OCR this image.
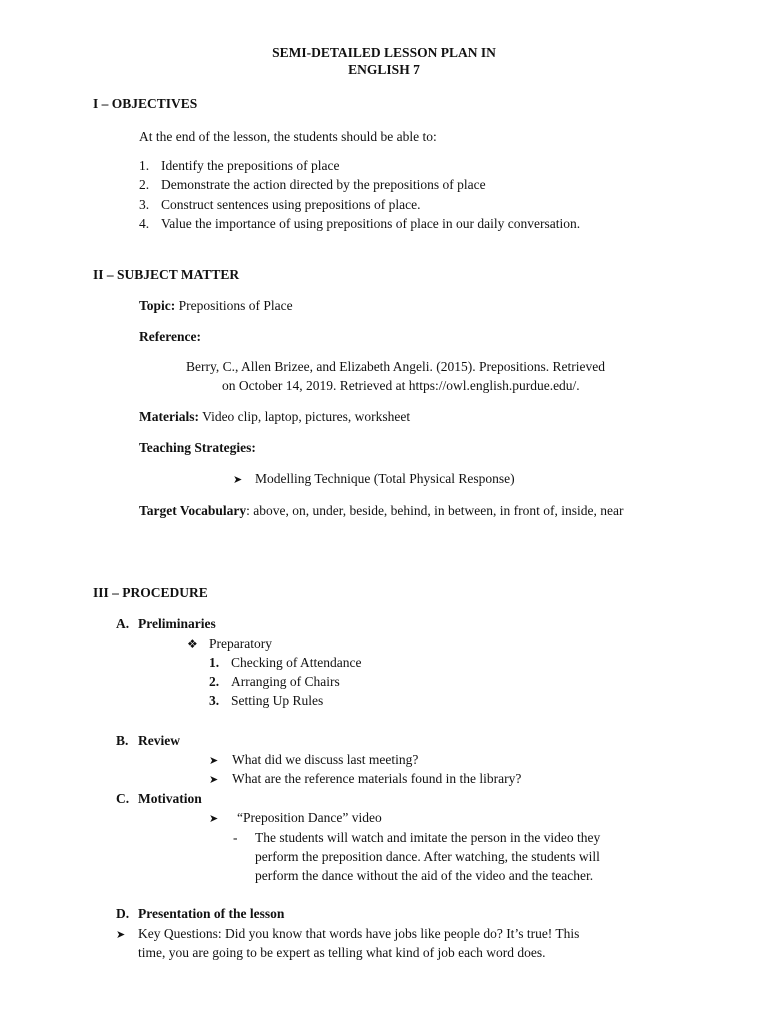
SEMI-DETAILED LESSON PLAN IN
ENGLISH 7
I – OBJECTIVES
At the end of the lesson, the students should be able to:
1. Identify the prepositions of place
2. Demonstrate the action directed by the prepositions of place
3. Construct sentences using prepositions of place.
4. Value the importance of using prepositions of place in our daily conversation.
II – SUBJECT MATTER
Topic: Prepositions of Place
Reference:
Berry, C., Allen Brizee, and Elizabeth Angeli. (2015). Prepositions. Retrieved
on October 14, 2019. Retrieved at https://owl.english.purdue.edu/.
Materials: Video clip, laptop, pictures, worksheet
Teaching Strategies:
➤ Modelling Technique (Total Physical Response)
Target Vocabulary: above, on, under, beside, behind, in between, in front of, inside, near
III – PROCEDURE
A. Preliminaries
❖ Preparatory
1. Checking of Attendance
2. Arranging of Chairs
3. Setting Up Rules
B. Review
➤ What did we discuss last meeting?
➤ What are the reference materials found in the library?
C. Motivation
➤ “Preposition Dance” video
- The students will watch and imitate the person in the video they
perform the preposition dance. After watching, the students will
perform the dance without the aid of the video and the teacher.
D. Presentation of the lesson
➤ Key Questions: Did you know that words have jobs like people do? It’s true! This
time, you are going to be expert as telling what kind of job each word does.
